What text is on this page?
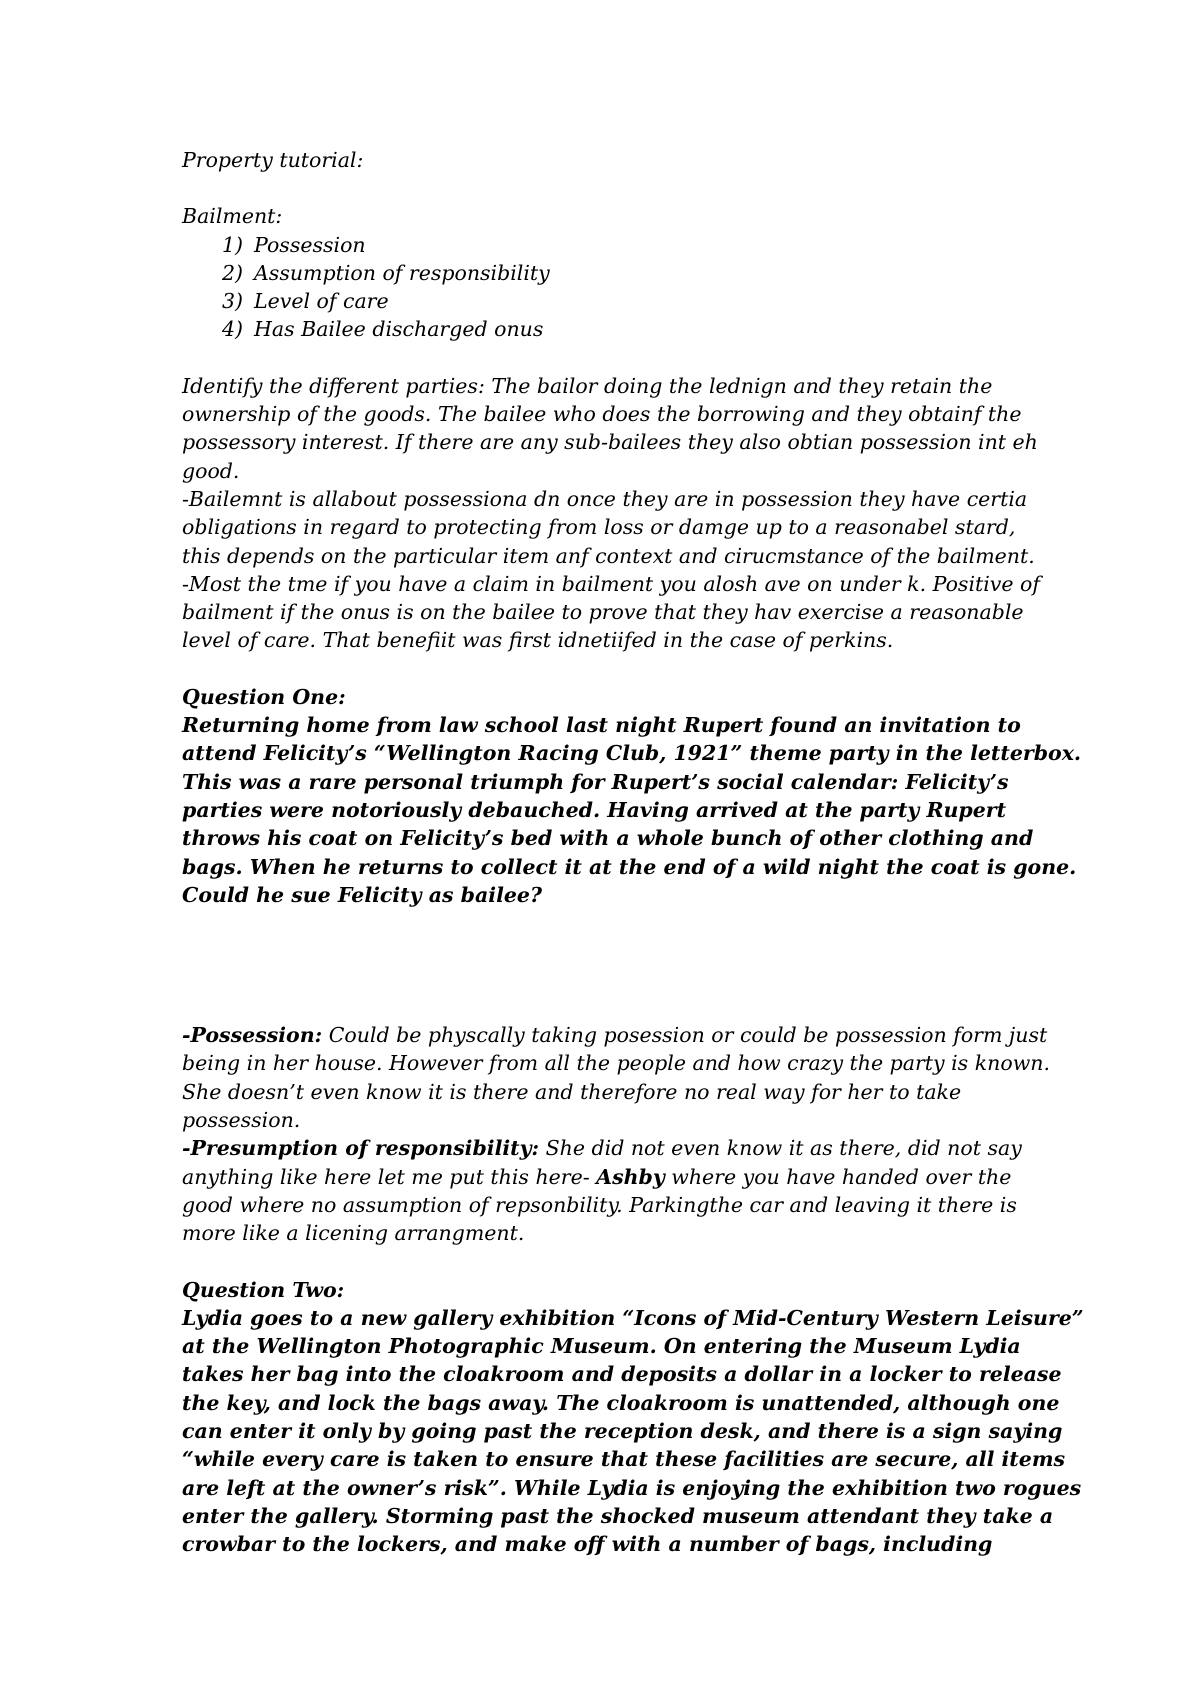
Property tutorial:

Bailment:

1) Possession
2) Assumption of responsibility
3) Level of care
4) Has Bailee discharged onus
Identify the different parties: The bailor doing the lednign and they retain the
ownership of the goods. The bailee who does the borrowing and they obtainf the
possessory interest. If there are any sub-bailees they also obtian possession int eh
good.
-Bailemnt is allabout possessiona dn once they are in possession they have certia
obligations in regard to protecting from loss or damge up to a reasonabel stard,
this depends on the particular item anf context and cirucmstance of the bailment.
-Most the tme if you have a claim in bailment you alosh ave on under k. Positive of
bailment if the onus is on the bailee to prove that they hav exercise a reasonable
level of care. That benefiit was first idnetiifed in the case of perkins.

Question One:

Returning home from law school last night Rupert found an invitation to
attend Felicity’s “Wellington Racing Club, 1921” theme party in the letterbox.
This was a rare personal triumph for Rupert’s social calendar: Felicity’s
parties were notoriously debauched. Having arrived at the party Rupert
throws his coat on Felicity’s bed with a whole bunch of other clothing and
bags. When he returns to collect it at the end of a wild night the coat is gone.
Could he sue Felicity as bailee?
-Possession: Could be physcally taking posession or could be possession form just
being in her house. However from all the people and how crazy the party is known.
She doesn’t even know it is there and therefore no real way for her to take
possession.
-Presumption of responsibility: She did not even know it as there, did not say
anything like here let me put this here- Ashby where you have handed over the
good where no assumption of repsonbility. Parkingthe car and leaving it there is
more like a licening arrangment.

Question Two:

Lydia goes to a new gallery exhibition “Icons of Mid-Century Western Leisure”
at the Wellington Photographic Museum. On entering the Museum Lydia
takes her bag into the cloakroom and deposits a dollar in a locker to release
the key, and lock the bags away. The cloakroom is unattended, although one
can enter it only by going past the reception desk, and there is a sign saying
“while every care is taken to ensure that these facilities are secure, all items
are left at the owner’s risk”. While Lydia is enjoying the exhibition two rogues
enter the gallery. Storming past the shocked museum attendant they take a
crowbar to the lockers, and make off with a number of bags, including
